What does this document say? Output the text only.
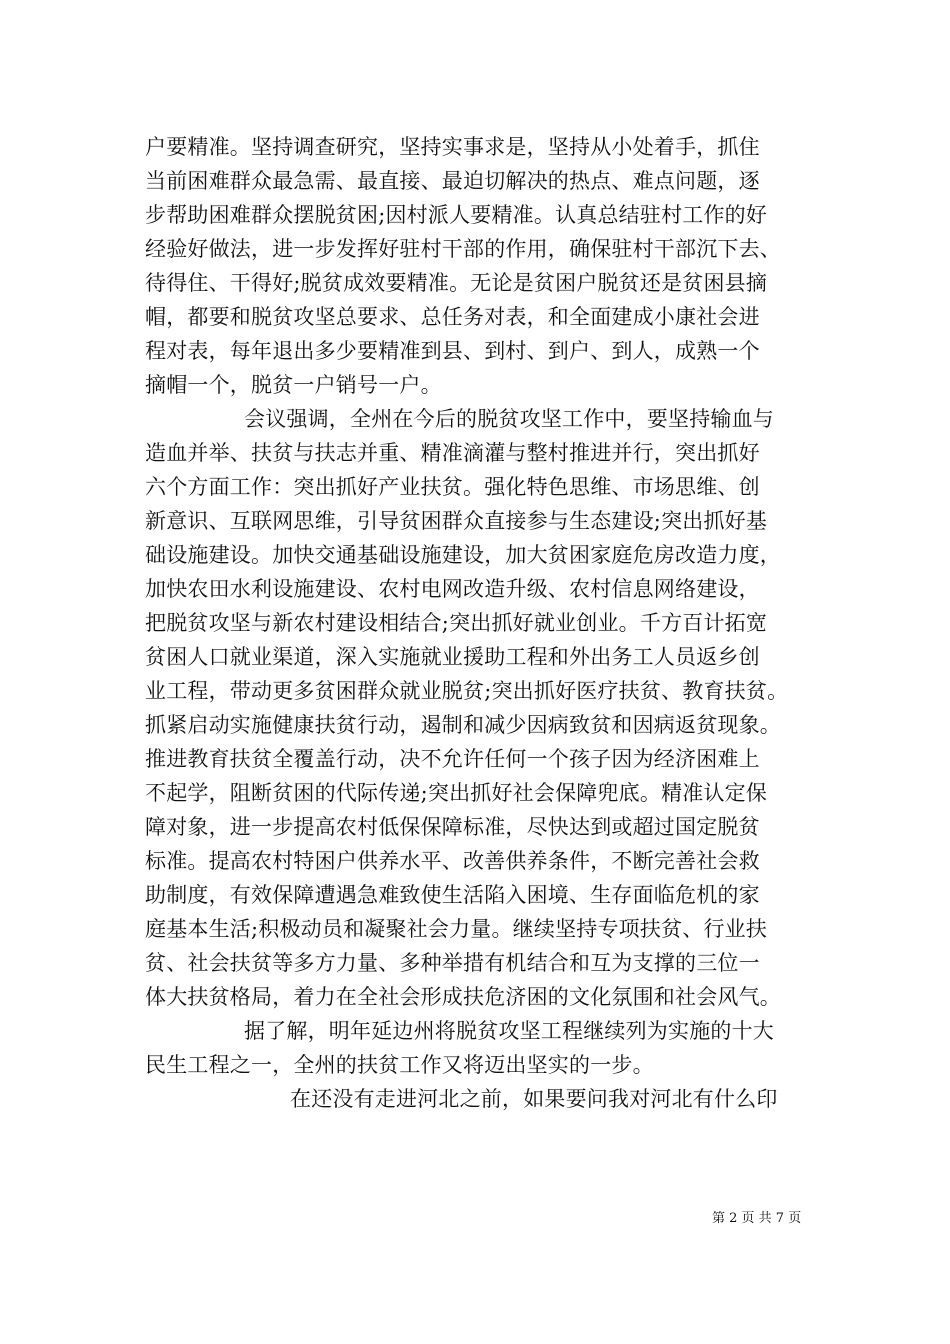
户要精准。坚持调查研究，坚持实事求是，坚持从小处着手，抓住
当前困难群众最急需、最直接、最迫切解决的热点、难点问题，逐
步帮助困难群众摆脱贫困;因村派人要精准。认真总结驻村工作的好
经验好做法，进一步发挥好驻村干部的作用，确保驻村干部沉下去、
待得住、干得好;脱贫成效要精准。无论是贫困户脱贫还是贫困县摘
帽，都要和脱贫攻坚总要求、总任务对表，和全面建成小康社会进
程对表，每年退出多少要精准到县、到村、到户、到人，成熟一个
摘帽一个，脱贫一户销号一户。
会议强调，全州在今后的脱贫攻坚工作中，要坚持输血与
造血并举、扶贫与扶志并重、精准滴灌与整村推进并行，突出抓好
六个方面工作：突出抓好产业扶贫。强化特色思维、市场思维、创
新意识、互联网思维，引导贫困群众直接参与生态建设;突出抓好基
础设施建设。加快交通基础设施建设，加大贫困家庭危房改造力度，
加快农田水利设施建设、农村电网改造升级、农村信息网络建设，
把脱贫攻坚与新农村建设相结合;突出抓好就业创业。千方百计拓宽
贫困人口就业渠道，深入实施就业援助工程和外出务工人员返乡创
业工程，带动更多贫困群众就业脱贫;突出抓好医疗扶贫、教育扶贫。
抓紧启动实施健康扶贫行动，遏制和减少因病致贫和因病返贫现象。
推进教育扶贫全覆盖行动，决不允许任何一个孩子因为经济困难上
不起学，阻断贫困的代际传递;突出抓好社会保障兜底。精准认定保
障对象，进一步提高农村低保保障标准，尽快达到或超过国定脱贫
标准。提高农村特困户供养水平、改善供养条件，不断完善社会救
助制度，有效保障遭遇急难致使生活陷入困境、生存面临危机的家
庭基本生活;积极动员和凝聚社会力量。继续坚持专项扶贫、行业扶
贫、社会扶贫等多方力量、多种举措有机结合和互为支撑的三位一
体大扶贫格局，着力在全社会形成扶危济困的文化氛围和社会风气。
据了解，明年延边州将脱贫攻坚工程继续列为实施的十大
民生工程之一，全州的扶贫工作又将迈出坚实的一步。
在还没有走进河北之前，如果要问我对河北有什么印
第 2 页 共 7 页
